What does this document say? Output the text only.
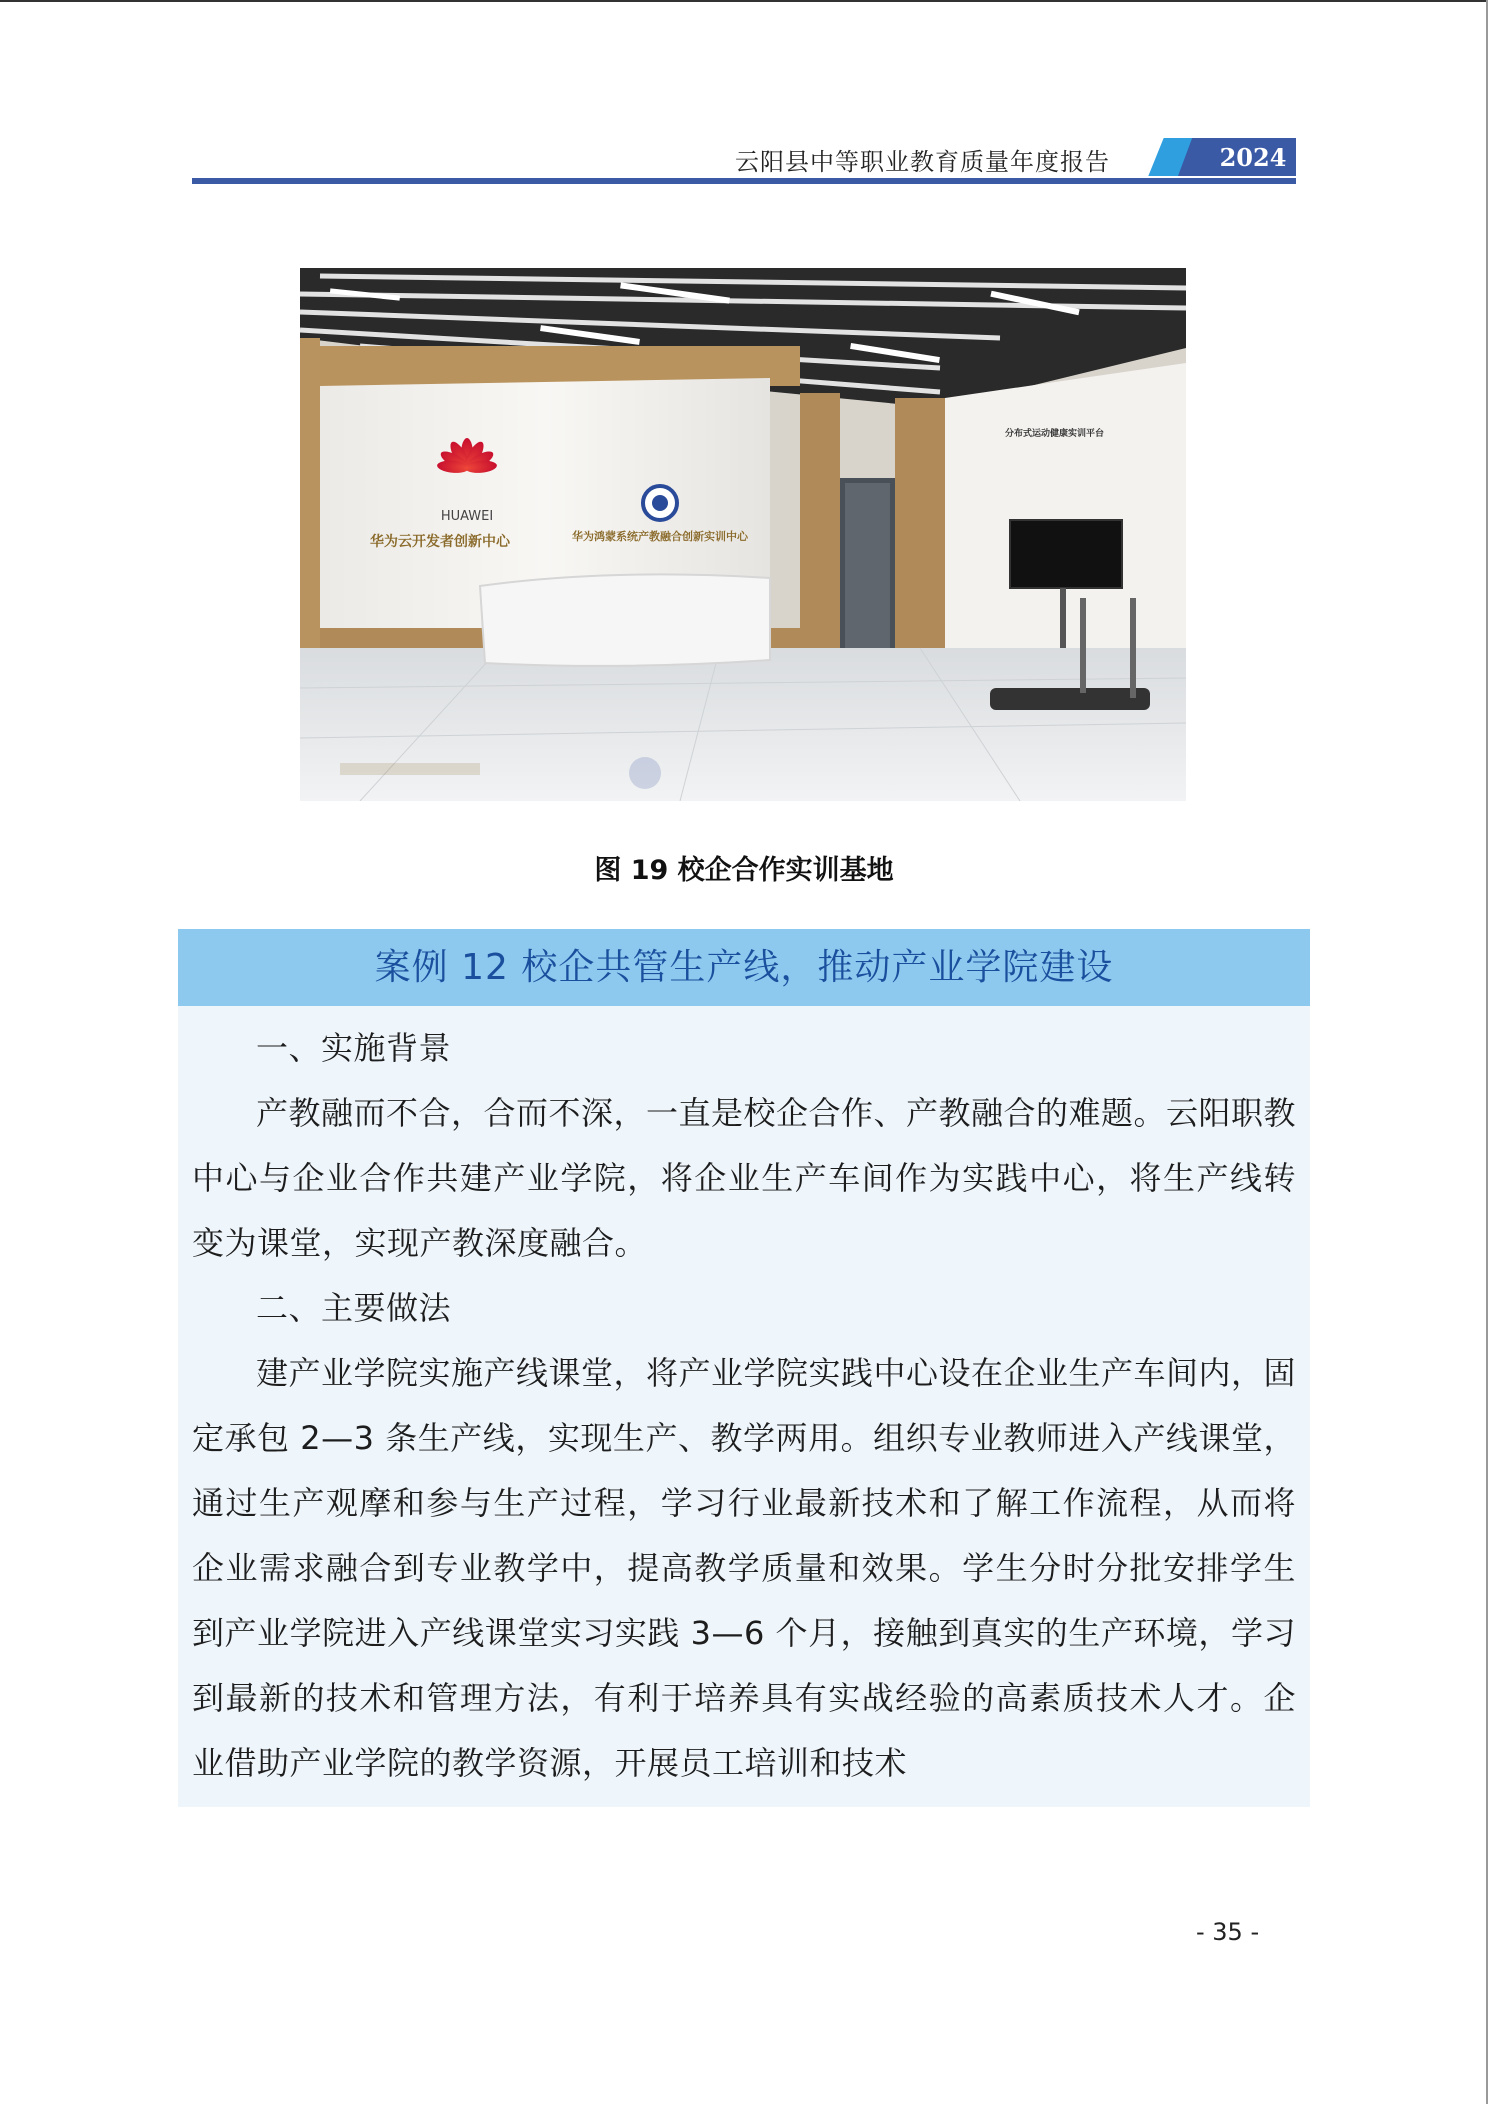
云阳县中等职业教育质量年度报告	2024
分布式运动健康实训平台
HUAWEI
华为云开发者创新中心	华为鸿蒙系统产教融合创新实训中心
图 19 校企合作实训基地
案例 12 校企共管生产线，推动产业学院建设

一、实施背景

产教融而不合，合而不深，一直是校企合作、产教融合的难题。云阳职教中心与企业合作共建产业学院，将企业生产车间作为实践中心，将生产线转变为课堂，实现产教深度融合。

二、主要做法

建产业学院实施产线课堂，将产业学院实践中心设在企业生产车间内，固定承包 2—3 条生产线，实现生产、教学两用。组织专业教师进入产线课堂，通过生产观摩和参与生产过程，学习行业最新技术和了解工作流程，从而将企业需求融合到专业教学中，提高教学质量和效果。学生分时分批安排学生到产业学院进入产线课堂实习实践 3—6 个月，接触到真实的生产环境，学习到最新的技术和管理方法，有利于培养具有实战经验的高素质技术人才。企业借助产业学院的教学资源，开展员工培训和技术

- 35 -
